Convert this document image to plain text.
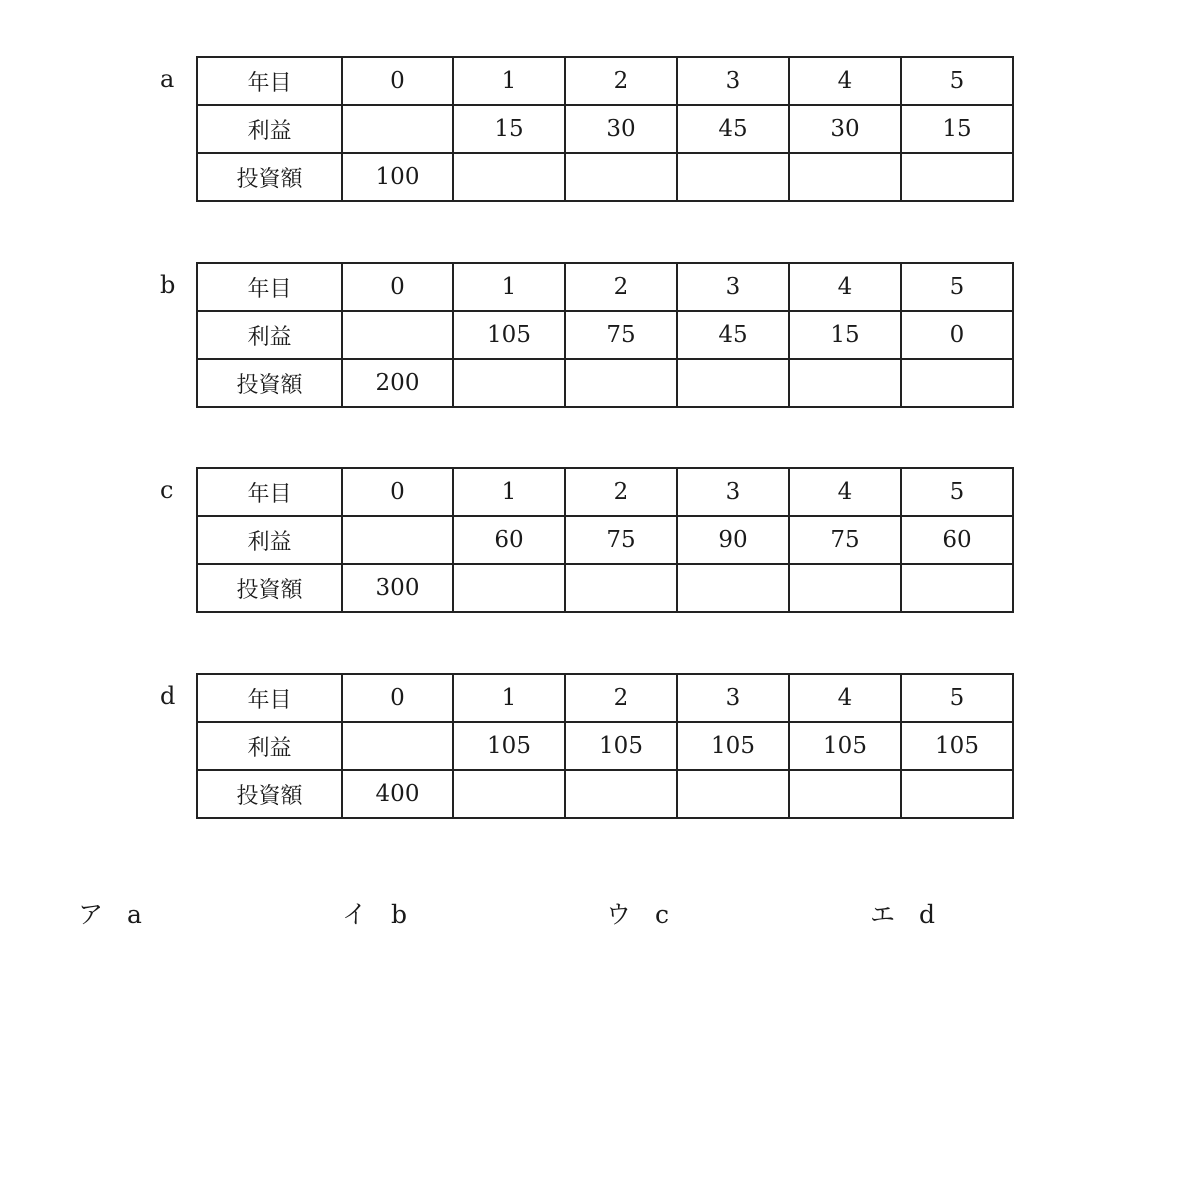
a	年目	0	1	2	3	4	5
利益		15	30	45	30	15
投資額	100					
b	年目	0	1	2	3	4	5
利益		105	75	45	15	0
投資額	200					
c	年目	0	1	2	3	4	5
利益		60	75	90	75	60
投資額	300					
d	年目	0	1	2	3	4	5
利益		105	105	105	105	105
投資額	400					
ア a	イ b	ウ c	エ d
